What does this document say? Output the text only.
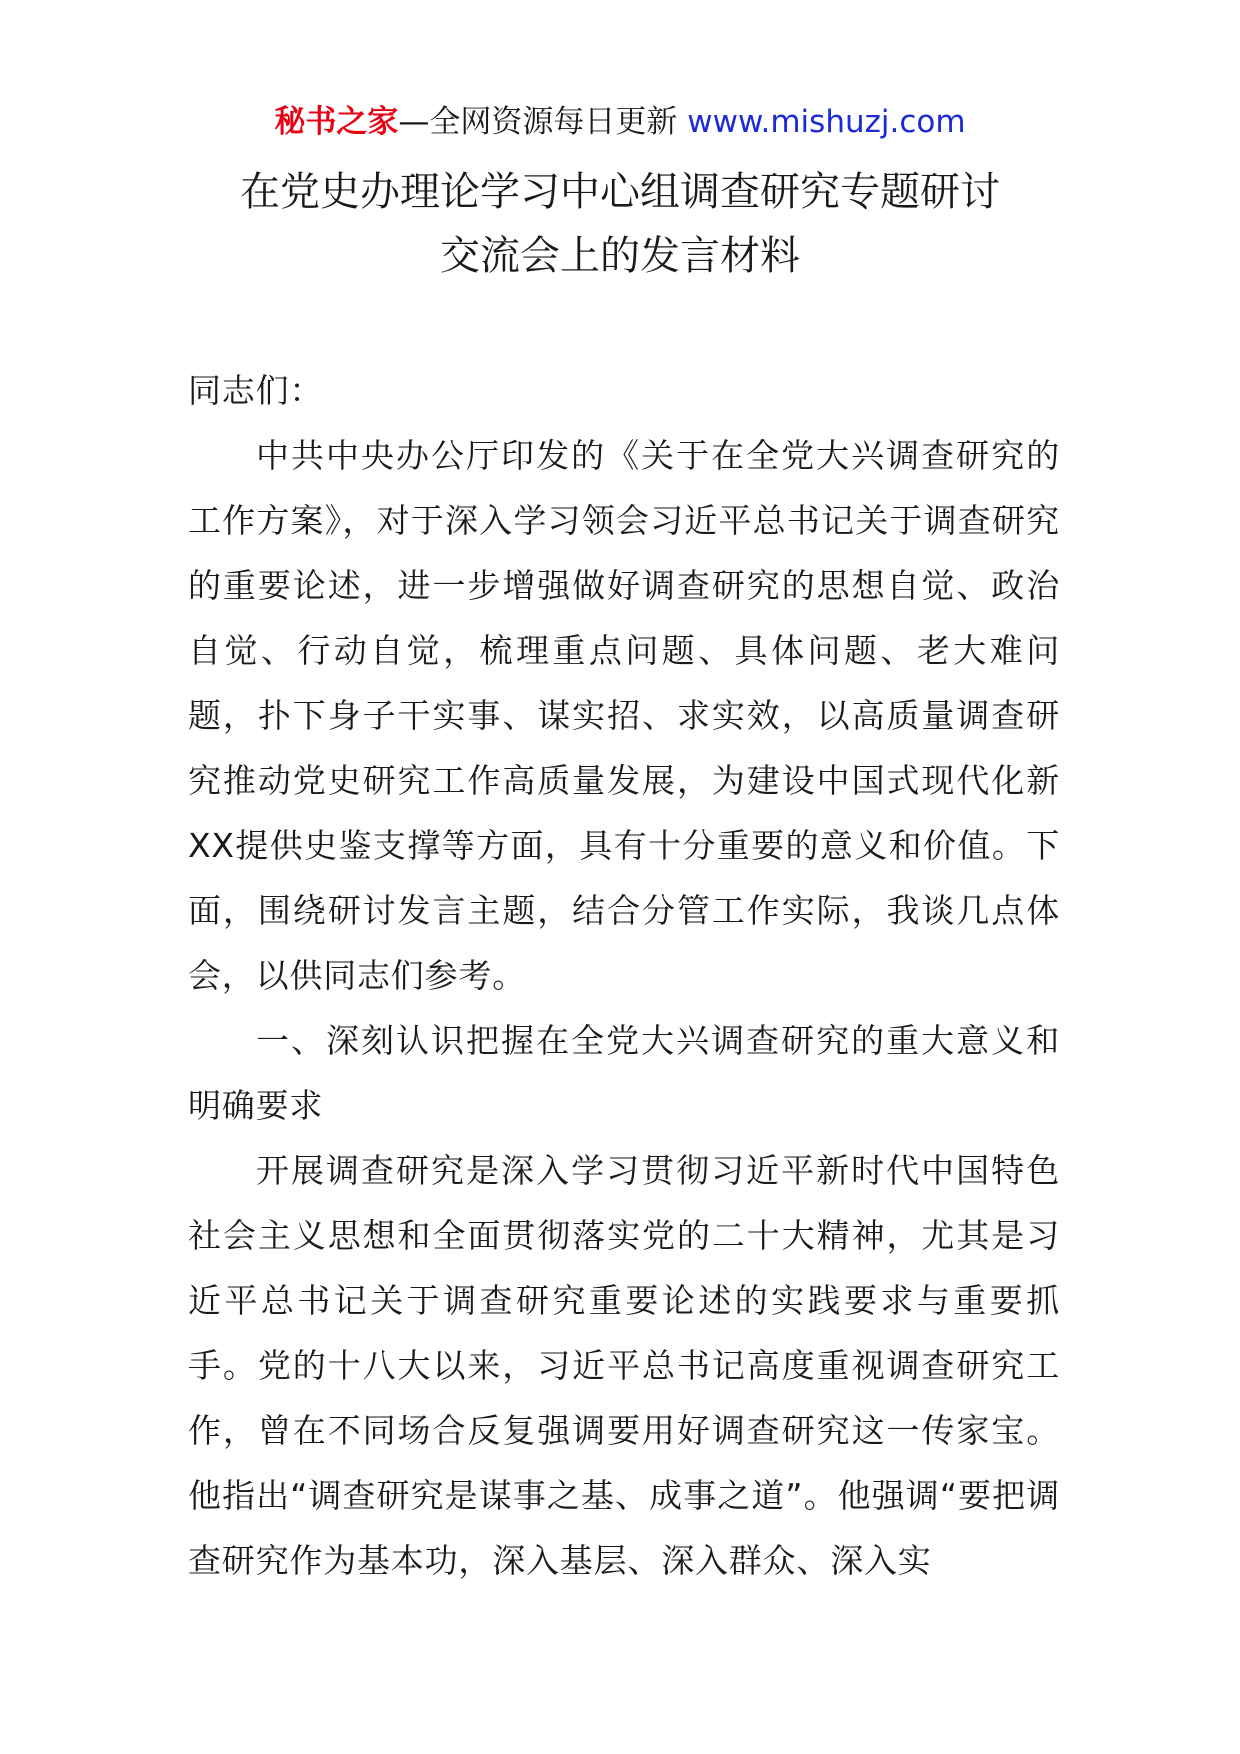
秘书之家—全网资源每日更新 www.mishuzj.com
在党史办理论学习中心组调查研究专题研讨
交流会上的发言材料

同志们：

中共中央办公厅印发的《关于在全党大兴调查研究的工作方案》，对于深入学习领会习近平总书记关于调查研究的重要论述，进一步增强做好调查研究的思想自觉、政治自觉、行动自觉，梳理重点问题、具体问题、老大难问题，扑下身子干实事、谋实招、求实效，以高质量调查研究推动党史研究工作高质量发展，为建设中国式现代化新XX提供史鉴支撑等方面，具有十分重要的意义和价值。下面，围绕研讨发言主题，结合分管工作实际，我谈几点体会，以供同志们参考。

一、深刻认识把握在全党大兴调查研究的重大意义和明确要求

开展调查研究是深入学习贯彻习近平新时代中国特色社会主义思想和全面贯彻落实党的二十大精神，尤其是习近平总书记关于调查研究重要论述的实践要求与重要抓手。党的十八大以来，习近平总书记高度重视调查研究工作，曾在不同场合反复强调要用好调查研究这一传家宝。他指出“调查研究是谋事之基、成事之道”。他强调“要把调查研究作为基本功，深入基层、深入群众、深入实
